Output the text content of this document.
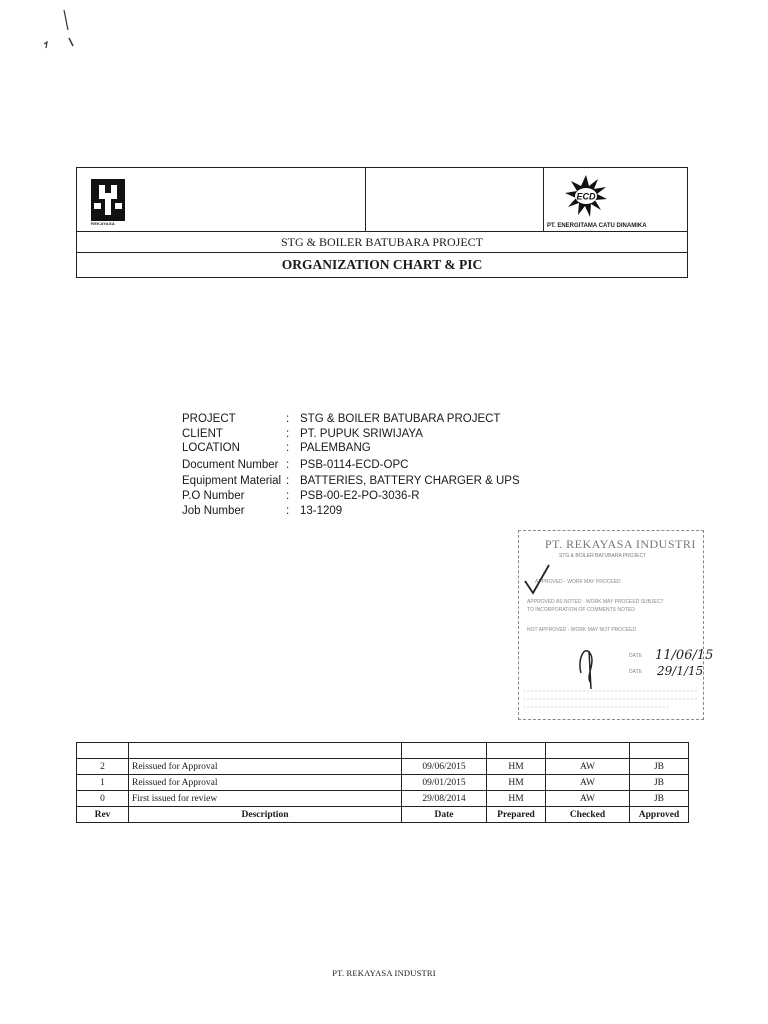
REKAYASA
ECD
PT. ENERGITAMA CATU DINAMIKA
STG & BOILER BATUBARA PROJECT
ORGANIZATION CHART & PIC
PROJECT	: STG & BOILER BATUBARA PROJECT
CLIENT	: PT. PUPUK SRIWIJAYA
LOCATION	: PALEMBANG
Document Number : PSB-0114-ECD-OPC
Equipment Material : BATTERIES, BATTERY CHARGER & UPS
P.O Number	: PSB-00-E2-PO-3036-R
Job Number	: 13-1209
PT. REKAYASA INDUSTRI
STG & BOILER BATUBARA PROJECT
APPROVED - WORK MAY PROCEED
APPROVED AS NOTED - WORK MAY PROCEED SUBJECT
TO INCORPORATION OF COMMENTS NOTED
NOT APPROVED - WORK MAY NOT PROCEED
DATE
DATE
11/06/15
29/1/15

2	Reissued for Approval	09/06/2015	HM	AW	JB
1	Reissued for Approval	09/01/2015	HM	AW	JB
0	First issued for review	29/08/2014	HM	AW	JB
Rev	Description	Date	Prepared	Checked	Approved
PT. REKAYASA INDUSTRI
